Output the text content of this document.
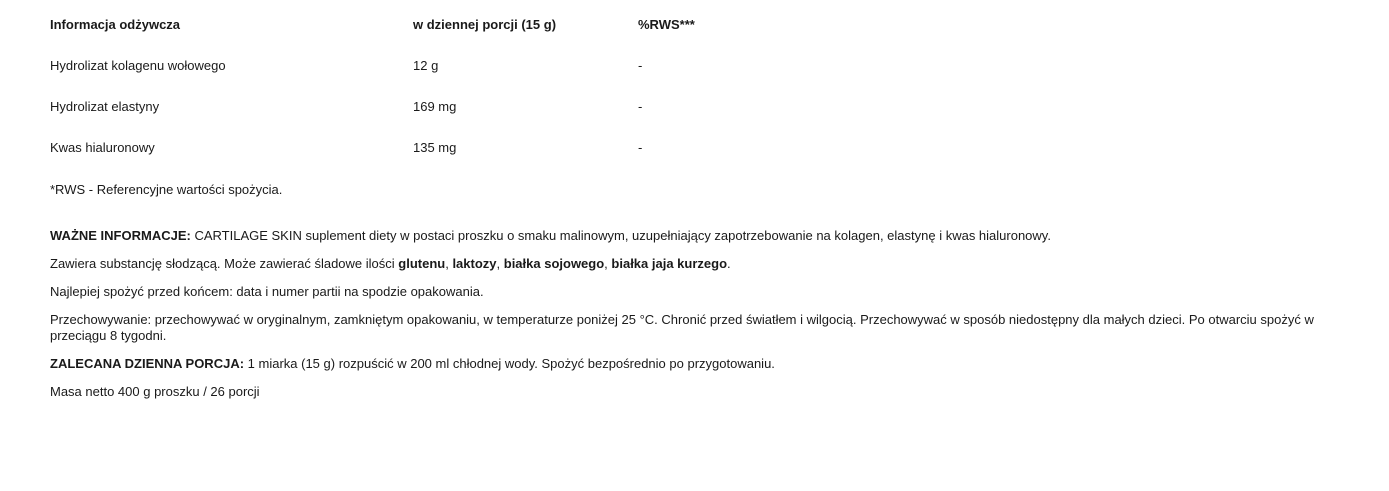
Informacja odżywcza	w dziennej porcji (15 g)	%RWS***
Hydrolizat kolagenu wołowego	12 g	-
Hydrolizat elastyny	169 mg	-
Kwas hialuronowy	135 mg	-
*RWS - Referencyjne wartości spożycia.

WAŻNE INFORMACJE: CARTILAGE SKIN suplement diety w postaci proszku o smaku malinowym, uzupełniający zapotrzebowanie na kolagen, elastynę i kwas hialuronowy.

Zawiera substancję słodzącą. Może zawierać śladowe ilości glutenu, laktozy, białka sojowego, białka jaja kurzego.

Najlepiej spożyć przed końcem: data i numer partii na spodzie opakowania.

Przechowywanie: przechowywać w oryginalnym, zamkniętym opakowaniu, w temperaturze poniżej 25 °C. Chronić przed światłem i wilgocią. Przechowywać w sposób niedostępny dla małych dzieci. Po otwarciu spożyć w przeciągu 8 tygodni.

ZALECANA DZIENNA PORCJA: 1 miarka (15 g) rozpuścić w 200 ml chłodnej wody. Spożyć bezpośrednio po przygotowaniu.

Masa netto 400 g proszku / 26 porcji
